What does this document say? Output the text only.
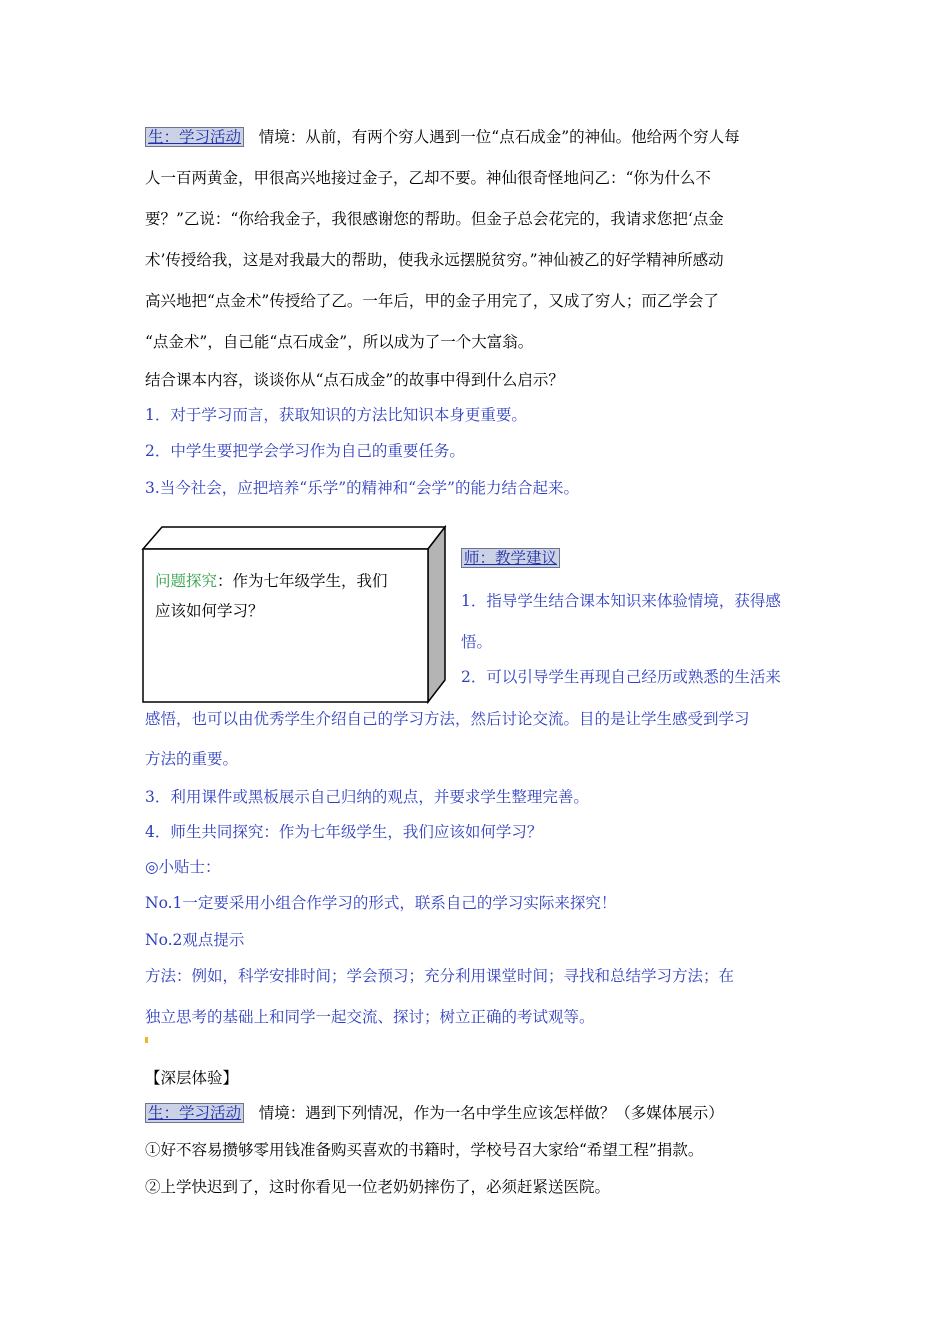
生：学习活动 情境：从前，有两个穷人遇到一位“点石成金”的神仙。他给两个穷人每
人一百两黄金，甲很高兴地接过金子，乙却不要。神仙很奇怪地问乙：“你为什么不
要？”乙说：“你给我金子，我很感谢您的帮助。但金子总会花完的，我请求您把‘点金
术’传授给我，这是对我最大的帮助，使我永远摆脱贫穷。”神仙被乙的好学精神所感动
高兴地把“点金术”传授给了乙。一年后，甲的金子用完了，又成了穷人；而乙学会了
“点金术”，自己能“点石成金”，所以成为了一个大富翁。
结合课本内容，谈谈你从“点石成金”的故事中得到什么启示？
1．对于学习而言，获取知识的方法比知识本身更重要。
2．中学生要把学会学习作为自己的重要任务。
3.当今社会，应把培养“乐学”的精神和“会学”的能力结合起来。
问题探究：作为七年级学生，我们
应该如何学习？
师：教学建议
1．指导学生结合课本知识来体验情境，获得感
悟。
2．可以引导学生再现自己经历或熟悉的生活来
感悟，也可以由优秀学生介绍自己的学习方法，然后讨论交流。目的是让学生感受到学习
方法的重要。
3．利用课件或黑板展示自己归纳的观点，并要求学生整理完善。
4．师生共同探究：作为七年级学生，我们应该如何学习？
◎小贴士：
No.1一定要采用小组合作学习的形式，联系自己的学习实际来探究！
No.2观点提示
方法：例如，科学安排时间；学会预习；充分利用课堂时间；寻找和总结学习方法；在
独立思考的基础上和同学一起交流、探讨；树立正确的考试观等。
【深层体验】
生：学习活动 情境：遇到下列情况，作为一名中学生应该怎样做？（多媒体展示）
①好不容易攒够零用钱准备购买喜欢的书籍时，学校号召大家给“希望工程”捐款。
②上学快迟到了，这时你看见一位老奶奶摔伤了，必须赶紧送医院。
